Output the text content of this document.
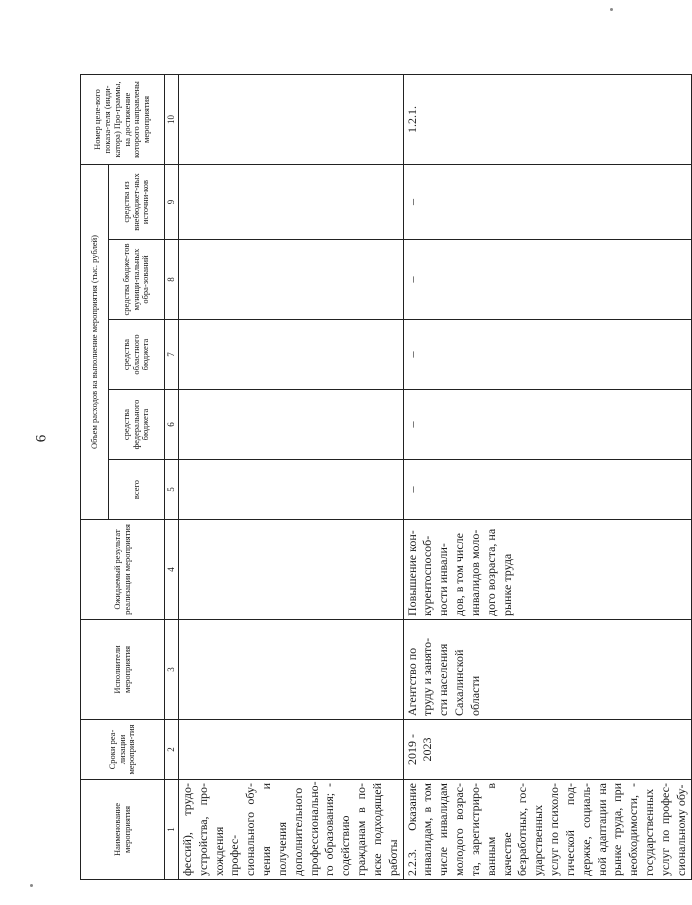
6
Наименование мероприятия	Сроки реа-лизации мероприя-тия	Исполнители мероприятия	Ожидаемый результат реализации мероприятия	Объем расходов на выполнение мероприятия (тыс. рублей)					Номер целе-вого показа-теля (инди-катора) Про-граммы, на достижение которого направлены мероприятия
				всего	средства федерального бюджета	средства областного бюджета	средства бюдже-тов муници-пальных обра-зований	средства из внебюджет-ных источни-ков	
1	2	3	4	5	6	7	8	9	10
фессий), трудо-устройства, про-хождения профес-сионального обу-чения и получения дополнительного профессионально-го образования; - содействию гражданам в по-иске подходящей работы									
2.2.3. Оказание инвалидам, в том числе инвалидам молодого возрас-та, зарегистриро-ванным в качестве безработных, гос-ударственных услуг по психоло-гической под-держке, социаль-ной адаптации на рынке труда, при необходимости, - государственных услуг по профес-сиональному обу-	2019 - 2023	Агентство по труду и занято-сти населения Сахалинской области	Повышение кон-курентоспособ-ности инвали-дов, в том числе инвалидов моло-дого возраста, на рынке труда	–	–	–	–	–	1.2.1.
